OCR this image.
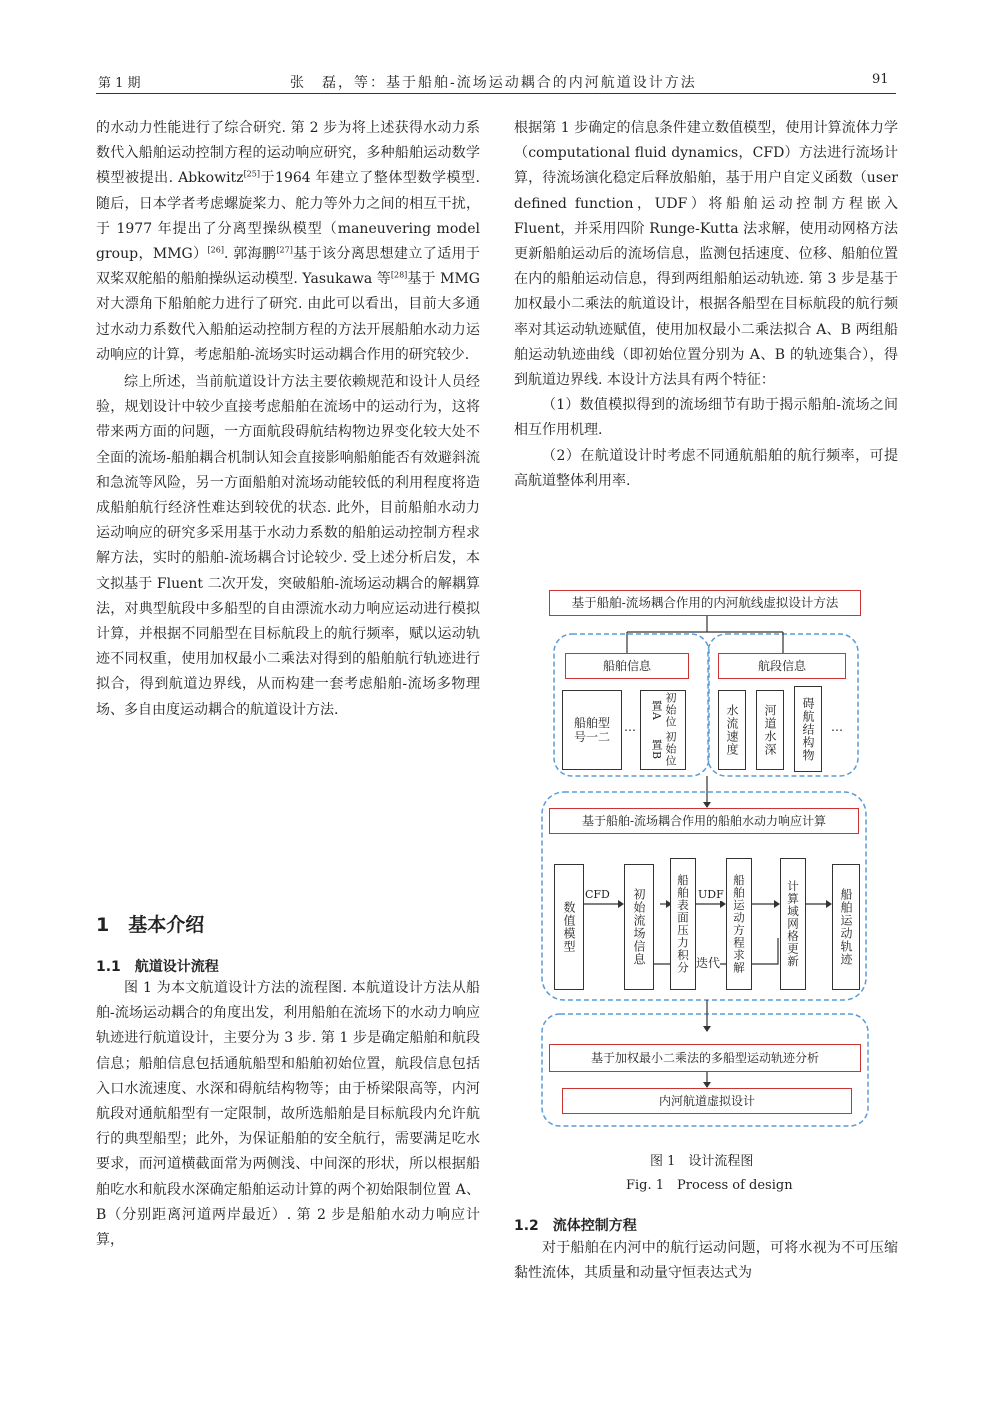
第 1 期	张　磊，等：基于船舶-流场运动耦合的内河航道设计方法	91

的水动力性能进行了综合研究. 第 2 步为将上述获得水动力系数代入船舶运动控制方程的运动响应研究，多种船舶运动数学模型被提出. Abkowitz[25]于1964 年建立了整体型数学模型. 随后，日本学者考虑螺旋桨力、舵力等外力之间的相互干扰，于 1977 年提出了分离型操纵模型（maneuvering model group，MMG）[26]. 郭海鹏[27]基于该分离思想建立了适用于双桨双舵船的船舶操纵运动模型. Yasukawa 等[28]基于 MMG 对大漂角下船舶舵力进行了研究. 由此可以看出，目前大多通过水动力系数代入船舶运动控制方程的方法开展船舶水动力运动响应的计算，考虑船舶-流场实时运动耦合作用的研究较少.

综上所述，当前航道设计方法主要依赖规范和设计人员经验，规划设计中较少直接考虑船舶在流场中的运动行为，这将带来两方面的问题，一方面航段碍航结构物边界变化较大处不全面的流场-船舶耦合机制认知会直接影响船舶能否有效避斜流和急流等风险，另一方面船舶对流场动能较低的利用程度将造成船舶航行经济性难达到较优的状态. 此外，目前船舶水动力运动响应的研究多采用基于水动力系数的船舶运动控制方程求解方法，实时的船舶-流场耦合讨论较少. 受上述分析启发，本文拟基于 Fluent 二次开发，突破船舶-流场运动耦合的解耦算法，对典型航段中多船型的自由漂流水动力响应运动进行模拟计算，并根据不同船型在目标航段上的航行频率，赋以运动轨迹不同权重，使用加权最小二乘法对得到的船舶航行轨迹进行拟合，得到航道边界线，从而构建一套考虑船舶-流场多物理场、多自由度运动耦合的航道设计方法.

1　基本介绍
1.1　航道设计流程

图 1 为本文航道设计方法的流程图. 本航道设计方法从船舶-流场运动耦合的角度出发，利用船舶在流场下的水动力响应轨迹进行航道设计，主要分为 3 步. 第 1 步是确定船舶和航段信息；船舶信息包括通航船型和船舶初始位置，航段信息包括入口水流速度、水深和碍航结构物等；由于桥梁限高等，内河航段对通航船型有一定限制，故所选船舶是目标航段内允许航行的典型船型；此外，为保证船舶的安全航行，需要满足吃水要求，而河道横截面常为两侧浅、中间深的形状，所以根据船舶吃水和航段水深确定船舶运动计算的两个初始限制位置 A、B（分别距离河道两岸最近）. 第 2 步是船舶水动力响应计算，

根据第 1 步确定的信息条件建立数值模型，使用计算流体力学（computational fluid dynamics，CFD）方法进行流场计算，待流场演化稳定后释放船舶，基于用户自定义函数（user defined function，UDF）将船舶运动控制方程嵌入 Fluent，并采用四阶 Runge-Kutta 法求解，使用动网格方法更新船舶运动后的流场信息，监测包括速度、位移、船舶位置在内的船舶运动信息，得到两组船舶运动轨迹. 第 3 步是基于加权最小二乘法的航道设计，根据各船型在目标航段的航行频率对其运动轨迹赋值，使用加权最小二乘法拟合 A、B 两组船舶运动轨迹曲线（即初始位置分别为 A、B 的轨迹集合），得到航道边界线. 本设计方法具有两个特征：

（1）数值模拟得到的流场细节有助于揭示船舶-流场之间相互作用机理.

（2）在航道设计时考虑不同通航船舶的航行频率，可提高航道整体利用率.

基于船舶-流场耦合作用的内河航线虚拟设计方法
船舶信息	航段信息
船舶型号一二
…	初始位置A
初始位置B	水流速度	河道水深	碍航结构物	…
基于船舶-流场耦合作用的船舶水动力响应计算
数值模型
CFD	初始流场信息	船舶表面压力积分 UDF 船舶运动方程求解	计算域网格更新	船舶运动轨迹
迭代
基于加权最小二乘法的多船型运动轨迹分析
内河航道虚拟设计
图 1　设计流程图
Fig. 1　Process of design
1.2　流体控制方程

对于船舶在内河中的航行运动问题，可将水视为不可压缩黏性流体，其质量和动量守恒表达式为
